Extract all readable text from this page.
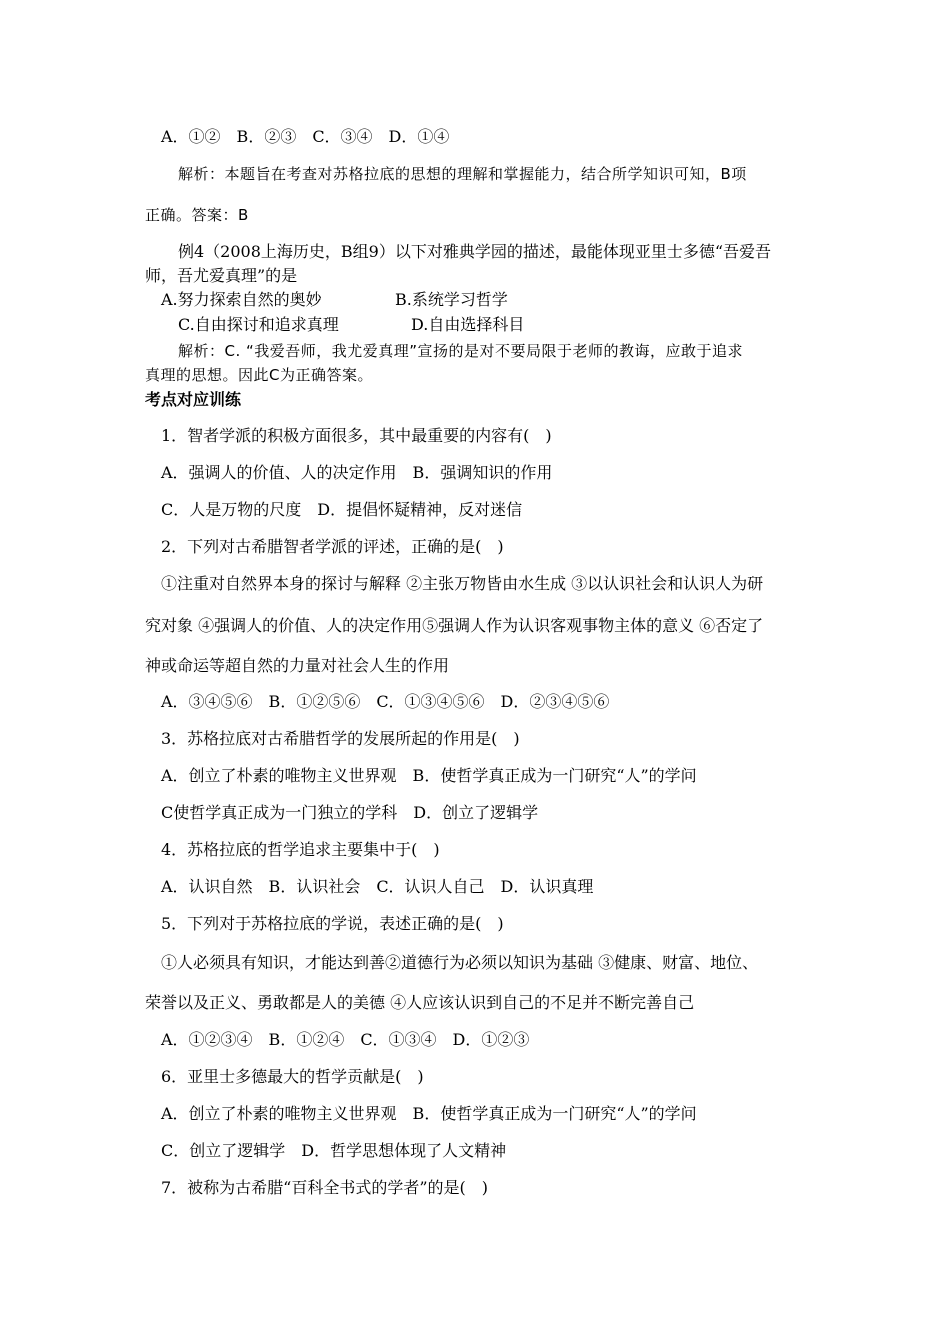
A．①②　B．②③　C．③④　D．①④
解析：本题旨在考查对苏格拉底的思想的理解和掌握能力，结合所学知识可知，B项
正确。答案：B
例4（2008上海历史，B组9）以下对雅典学园的描述，最能体现亚里士多德“吾爱吾
师，吾尤爱真理”的是
A.努力探索自然的奥妙	B.系统学习哲学
C.自由探讨和追求真理	D.自由选择科目
解析：C. “我爱吾师，我尤爱真理”宣扬的是对不要局限于老师的教诲，应敢于追求
真理的思想。因此C为正确答案。
考点对应训练
1．智者学派的积极方面很多，其中最重要的内容有(　)
A．强调人的价值、人的决定作用　B．强调知识的作用
C．人是万物的尺度　D．提倡怀疑精神，反对迷信
2．下列对古希腊智者学派的评述，正确的是(　)
①注重对自然界本身的探讨与解释 ②主张万物皆由水生成 ③以认识社会和认识人为研
究对象 ④强调人的价值、人的决定作用⑤强调人作为认识客观事物主体的意义 ⑥否定了
神或命运等超自然的力量对社会人生的作用
A．③④⑤⑥　B．①②⑤⑥　C．①③④⑤⑥　D．②③④⑤⑥
3．苏格拉底对古希腊哲学的发展所起的作用是(　)
A．创立了朴素的唯物主义世界观　B．使哲学真正成为一门研究“人”的学问
C使哲学真正成为一门独立的学科　D．创立了逻辑学
4．苏格拉底的哲学追求主要集中于(　)
A．认识自然　B．认识社会　C．认识人自己　D．认识真理
5．下列对于苏格拉底的学说，表述正确的是(　)
①人必须具有知识，才能达到善②道德行为必须以知识为基础 ③健康、财富、地位、
荣誉以及正义、勇敢都是人的美德 ④人应该认识到自己的不足并不断完善自己
A．①②③④　B．①②④　C．①③④　D．①②③
6．亚里士多德最大的哲学贡献是(　)
A．创立了朴素的唯物主义世界观　B．使哲学真正成为一门研究“人”的学问
C．创立了逻辑学　D．哲学思想体现了人文精神
7．被称为古希腊“百科全书式的学者”的是(　)
